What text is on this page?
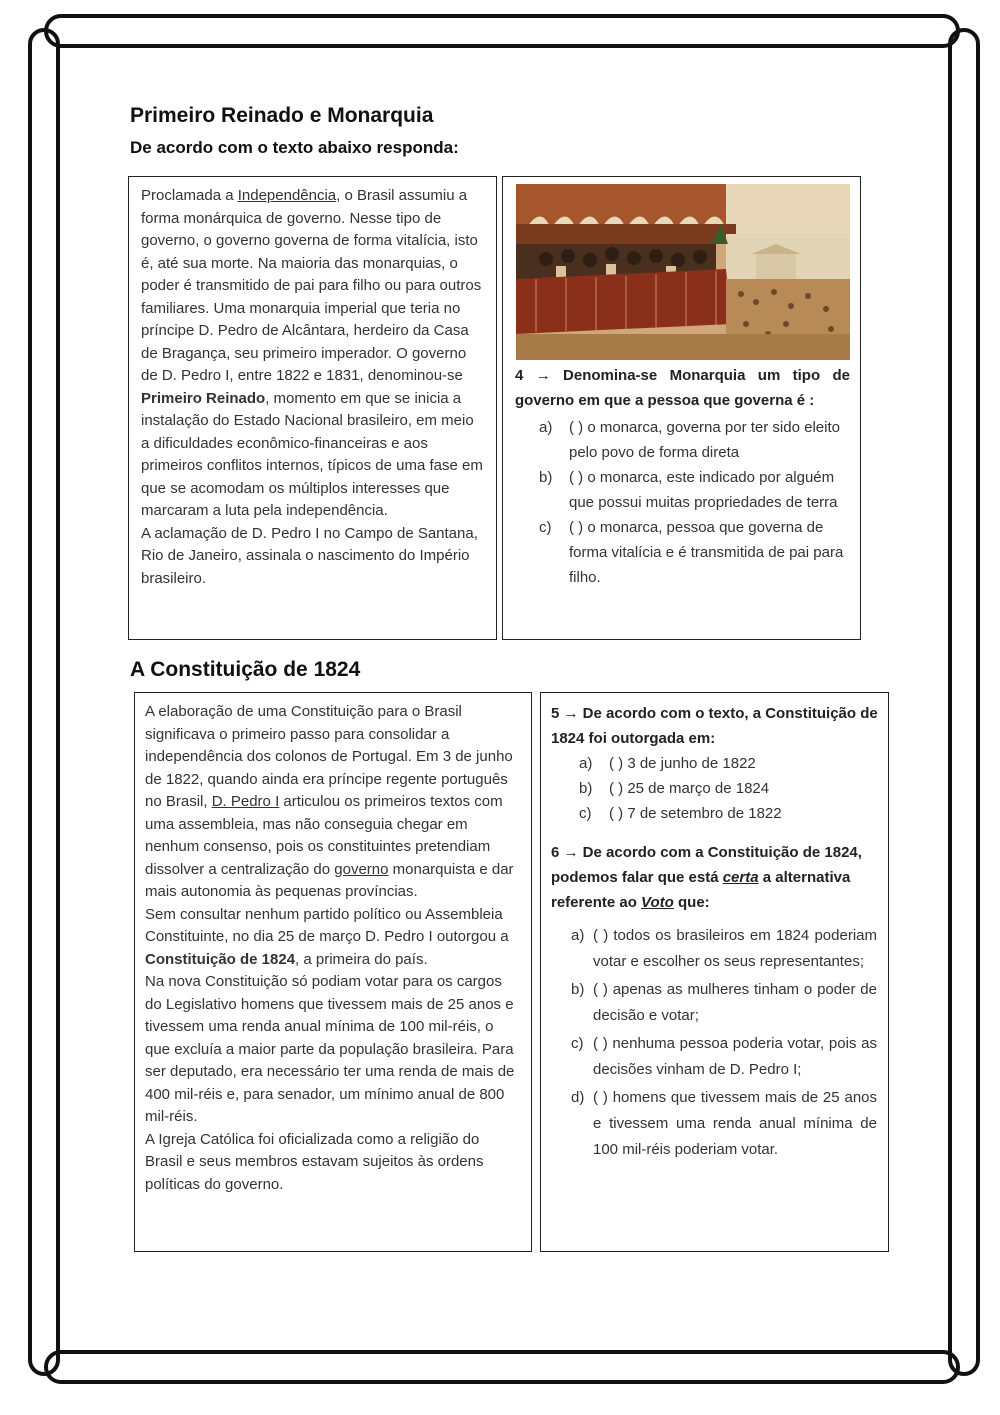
Primeiro Reinado e Monarquia
De acordo com o texto abaixo responda:

Proclamada a Independência, o Brasil assumiu a forma monárquica de governo. Nesse tipo de governo, o governo governa de forma vitalícia, isto é, até sua morte. Na maioria das monarquias, o poder é transmitido de pai para filho ou para outros familiares. Uma monarquia imperial que teria no príncipe D. Pedro de Alcântara, herdeiro da Casa de Bragança, seu primeiro imperador. O governo de D. Pedro I, entre 1822 e 1831, denominou-se Primeiro Reinado, momento em que se inicia a instalação do Estado Nacional brasileiro, em meio a dificuldades econômico-financeiras e aos primeiros conflitos internos, típicos de uma fase em que se acomodam os múltiplos interesses que marcaram a luta pela independência.

A aclamação de D. Pedro I no Campo de Santana, Rio de Janeiro, assinala o nascimento do Império brasileiro.

4 → Denomina-se Monarquia um tipo de governo em que a pessoa que governa é :
a)	( ) o monarca, governa por ter sido eleito pelo povo de forma direta
b)	( ) o monarca, este indicado por alguém que possui muitas propriedades de terra
c)	( ) o monarca, pessoa que governa de forma vitalícia e é transmitida de pai para filho.
A Constituição de 1824

A elaboração de uma Constituição para o Brasil significava o primeiro passo para consolidar a independência dos colonos de Portugal. Em 3 de junho de 1822, quando ainda era príncipe regente português no Brasil, D. Pedro I articulou os primeiros textos com uma assembleia, mas não conseguia chegar em nenhum consenso, pois os constituintes pretendiam dissolver a centralização do governo monarquista e dar mais autonomia às pequenas províncias.

Sem consultar nenhum partido político ou Assembleia Constituinte, no dia 25 de março D. Pedro I outorgou a Constituição de 1824, a primeira do país.

Na nova Constituição só podiam votar para os cargos do Legislativo homens que tivessem mais de 25 anos e tivessem uma renda anual mínima de 100 mil-réis, o que excluía a maior parte da população brasileira. Para ser deputado, era necessário ter uma renda de mais de 400 mil-réis e, para senador, um mínimo anual de 800 mil-réis.

A Igreja Católica foi oficializada como a religião do Brasil e seus membros estavam sujeitos às ordens políticas do governo.

5 → De acordo com o texto, a Constituição de 1824 foi outorgada em:
a)	( ) 3 de junho de 1822
b)	( ) 25 de março de 1824
c)	( ) 7 de setembro de 1822
6 → De acordo com a Constituição de 1824, podemos falar que está certa a alternativa referente ao Voto que:
a) ( ) todos os brasileiros em 1824 poderiam votar e escolher os seus representantes;
b) ( ) apenas as mulheres tinham o poder de decisão e votar;
c) ( ) nenhuma pessoa poderia votar, pois as decisões vinham de D. Pedro I;
d) ( ) homens que tivessem mais de 25 anos e tivessem uma renda anual mínima de 100 mil-réis poderiam votar.
